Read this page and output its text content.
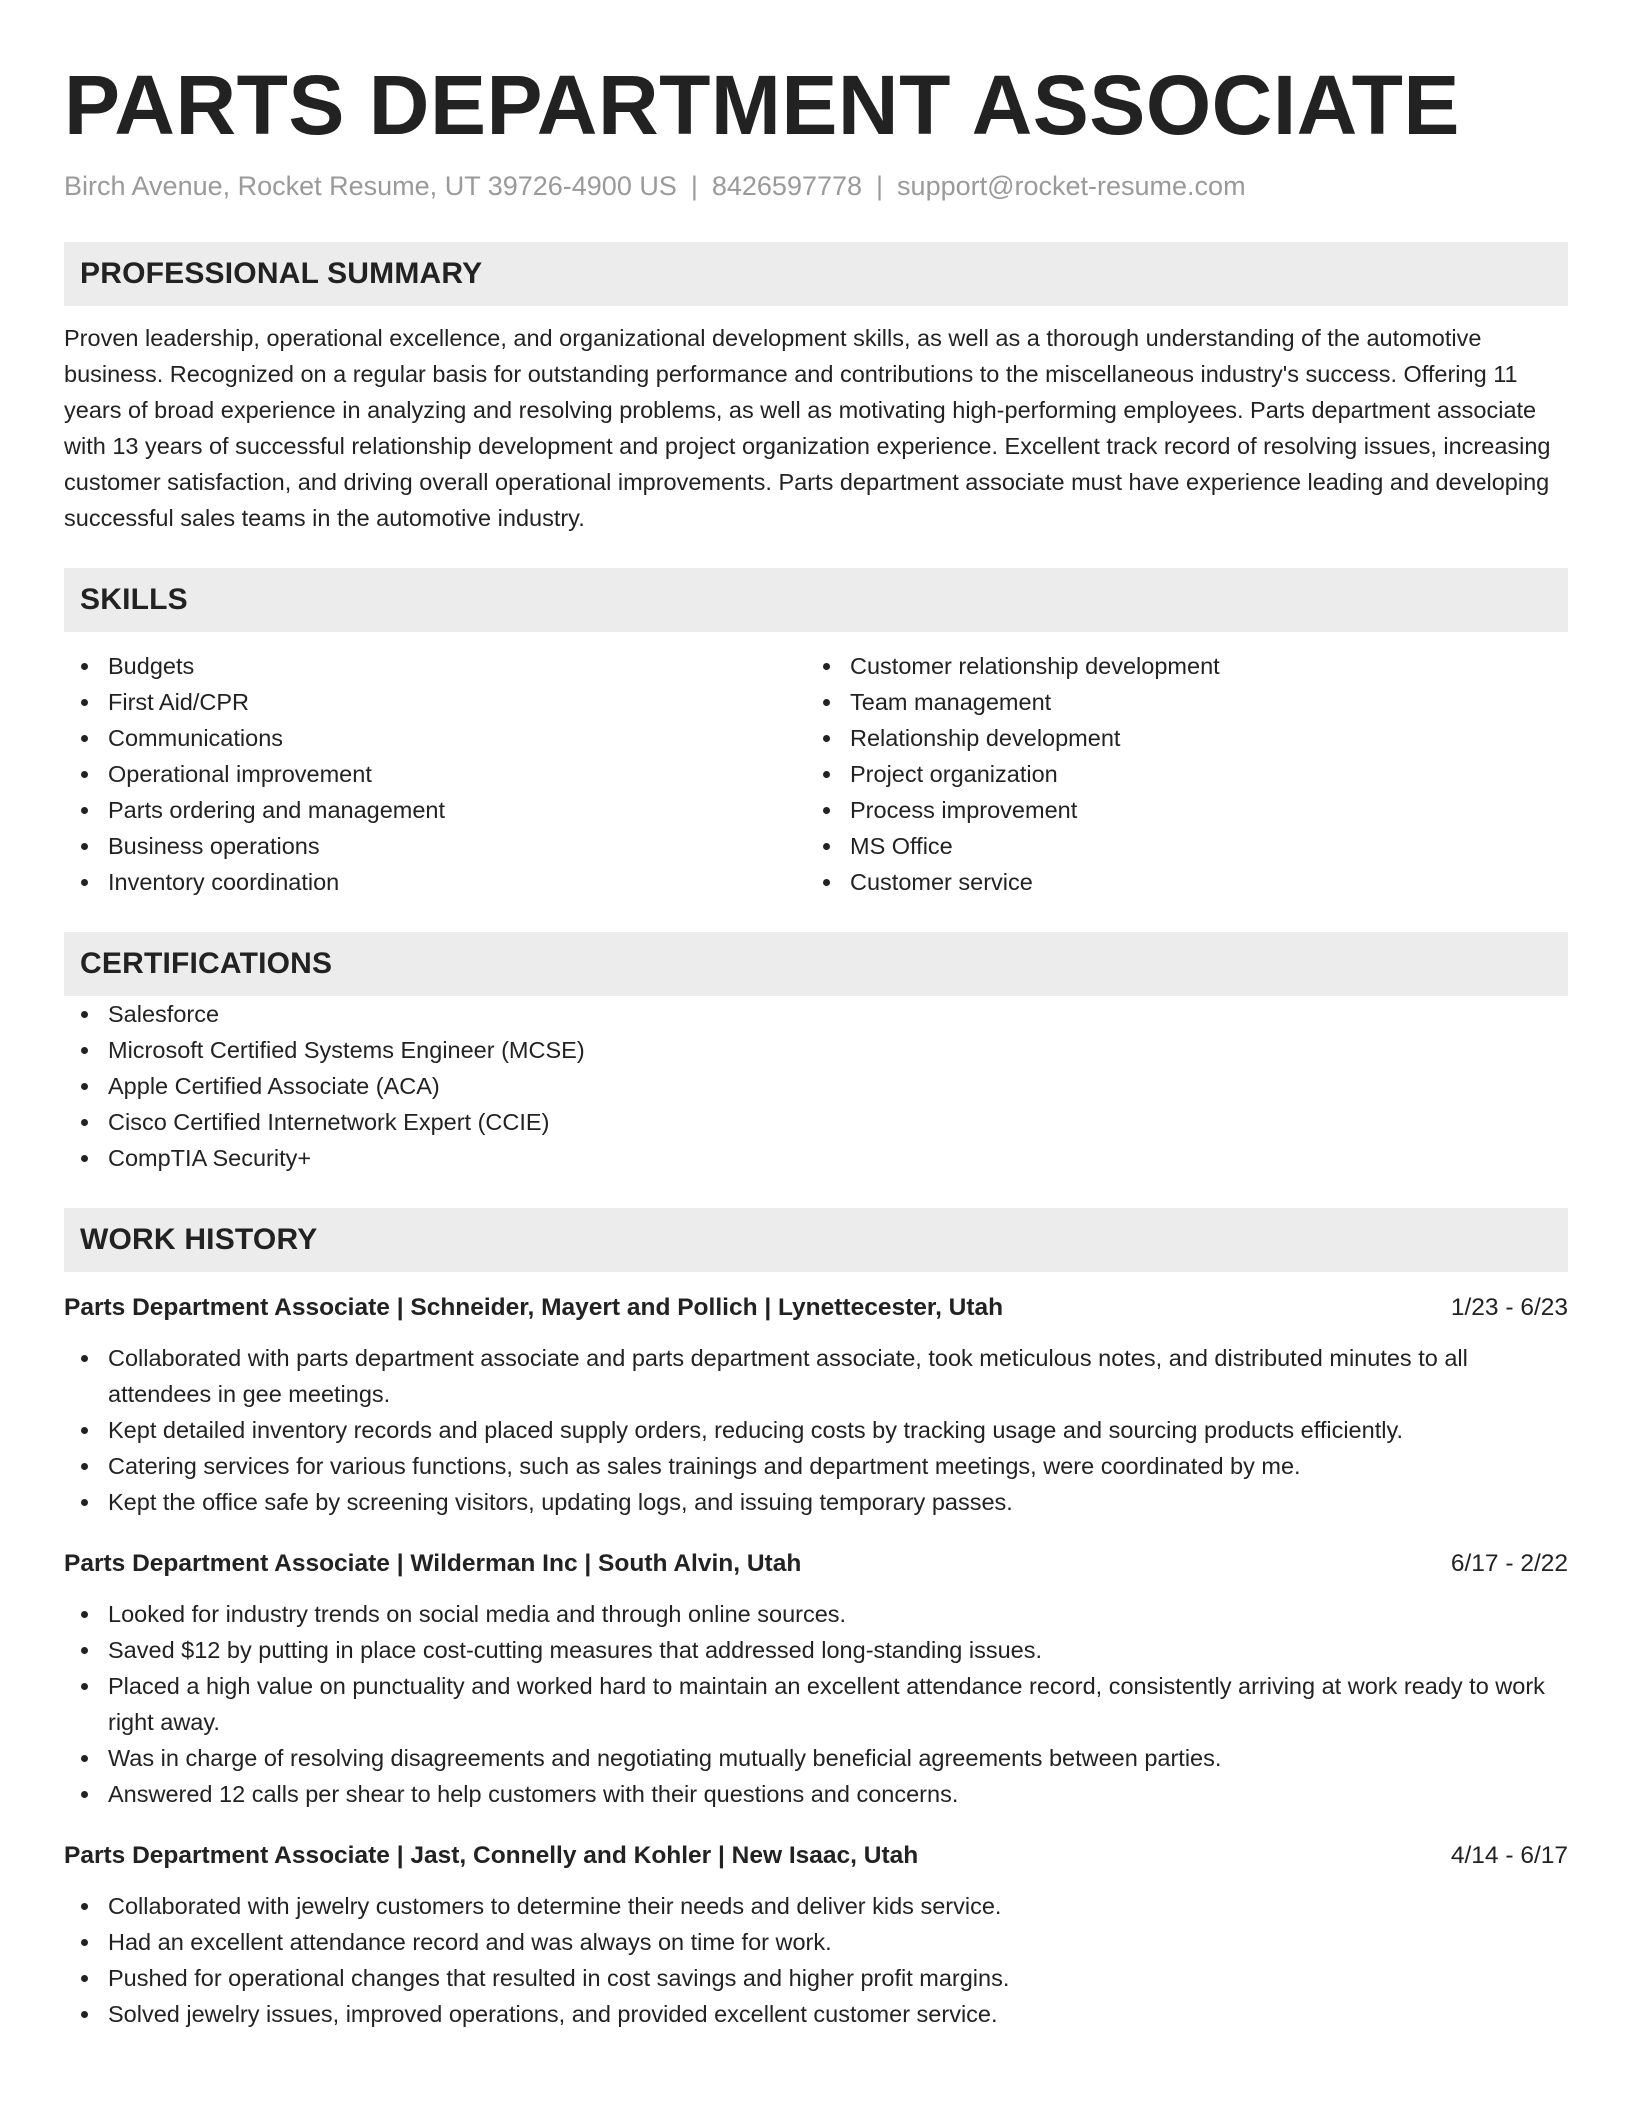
PARTS DEPARTMENT ASSOCIATE
Birch Avenue, Rocket Resume, UT 39726-4900 US | 8426597778 | support@rocket-resume.com
PROFESSIONAL SUMMARY
Proven leadership, operational excellence, and organizational development skills, as well as a thorough understanding of the automotive business. Recognized on a regular basis for outstanding performance and contributions to the miscellaneous industry's success. Offering 11 years of broad experience in analyzing and resolving problems, as well as motivating high-performing employees. Parts department associate with 13 years of successful relationship development and project organization experience. Excellent track record of resolving issues, increasing customer satisfaction, and driving overall operational improvements. Parts department associate must have experience leading and developing successful sales teams in the automotive industry.
SKILLS
Budgets
First Aid/CPR
Communications
Operational improvement
Parts ordering and management
Business operations
Inventory coordination
Customer relationship development
Team management
Relationship development
Project organization
Process improvement
MS Office
Customer service
CERTIFICATIONS
Salesforce
Microsoft Certified Systems Engineer (MCSE)
Apple Certified Associate (ACA)
Cisco Certified Internetwork Expert (CCIE)
CompTIA Security+
WORK HISTORY
Parts Department Associate | Schneider, Mayert and Pollich | Lynettecester, Utah	1/23 - 6/23
Collaborated with parts department associate and parts department associate, took meticulous notes, and distributed minutes to all attendees in gee meetings.
Kept detailed inventory records and placed supply orders, reducing costs by tracking usage and sourcing products efficiently.
Catering services for various functions, such as sales trainings and department meetings, were coordinated by me.
Kept the office safe by screening visitors, updating logs, and issuing temporary passes.
Parts Department Associate | Wilderman Inc | South Alvin, Utah	6/17 - 2/22
Looked for industry trends on social media and through online sources.
Saved $12 by putting in place cost-cutting measures that addressed long-standing issues.
Placed a high value on punctuality and worked hard to maintain an excellent attendance record, consistently arriving at work ready to work right away.
Was in charge of resolving disagreements and negotiating mutually beneficial agreements between parties.
Answered 12 calls per shear to help customers with their questions and concerns.
Parts Department Associate | Jast, Connelly and Kohler | New Isaac, Utah	4/14 - 6/17
Collaborated with jewelry customers to determine their needs and deliver kids service.
Had an excellent attendance record and was always on time for work.
Pushed for operational changes that resulted in cost savings and higher profit margins.
Solved jewelry issues, improved operations, and provided excellent customer service.
